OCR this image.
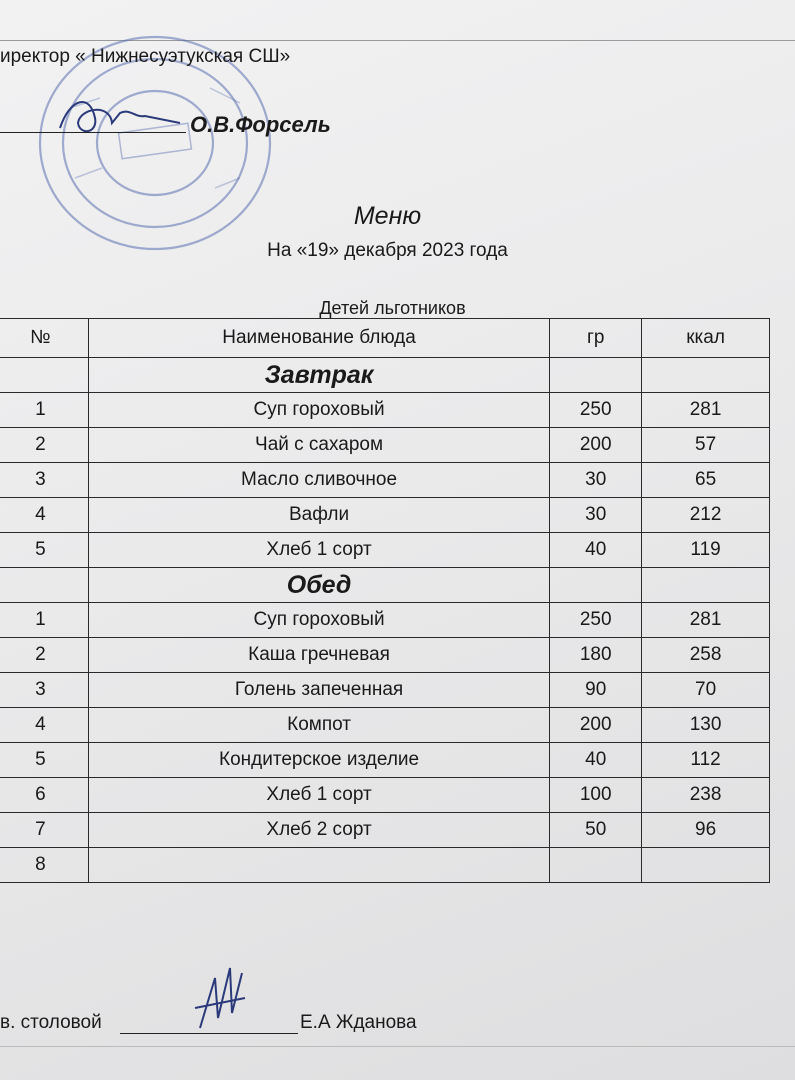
иректор « Нижнесуэтукская СШ»
О.В.Форсель
Меню
На «19» декабря 2023 года
Детей льготников
№	Наименование блюда	гр	ккал
	Завтрак		
1	Суп гороховый	250	281
2	Чай с сахаром	200	57
3	Масло сливочное	30	65
4	Вафли	30	212
5	Хлеб 1 сорт	40	119
	Обед		
1	Суп гороховый	250	281
2	Каша гречневая	180	258
3	Голень запеченная	90	70
4	Компот	200	130
5	Кондитерское изделие	40	112
6	Хлеб 1 сорт	100	238
7	Хлеб 2 сорт	50	96
8			
в. столовой	Е.А Жданова
